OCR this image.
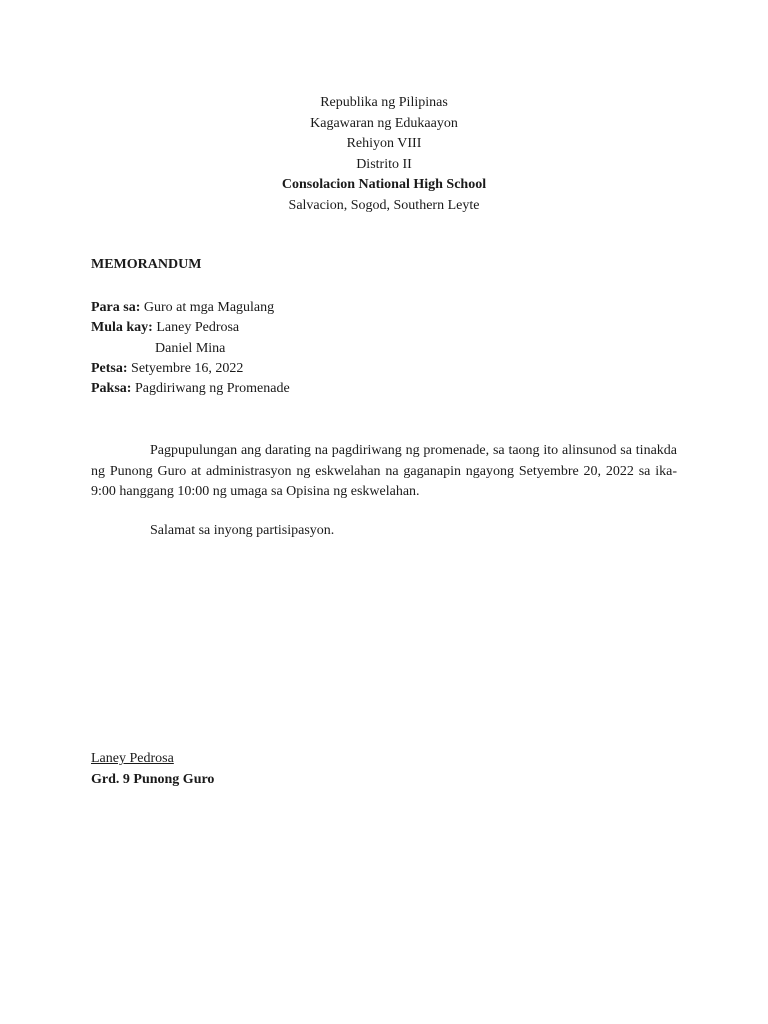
Republika ng Pilipinas
Kagawaran ng Edukaayon
Rehiyon VIII
Distrito II
Consolacion National High School
Salvacion, Sogod, Southern Leyte
MEMORANDUM
Para sa: Guro at mga Magulang
Mula kay: Laney Pedrosa
Daniel Mina
Petsa: Setyembre 16, 2022
Paksa: Pagdiriwang ng Promenade

Pagpupulungan ang darating na pagdiriwang ng promenade, sa taong ito alinsunod sa tinakda ng Punong Guro at administrasyon ng eskwelahan na gaganapin ngayong Setyembre 20, 2022 sa ika- 9:00 hanggang 10:00 ng umaga sa Opisina ng eskwelahan.

Salamat sa inyong partisipasyon.
Laney Pedrosa
Grd. 9 Punong Guro
